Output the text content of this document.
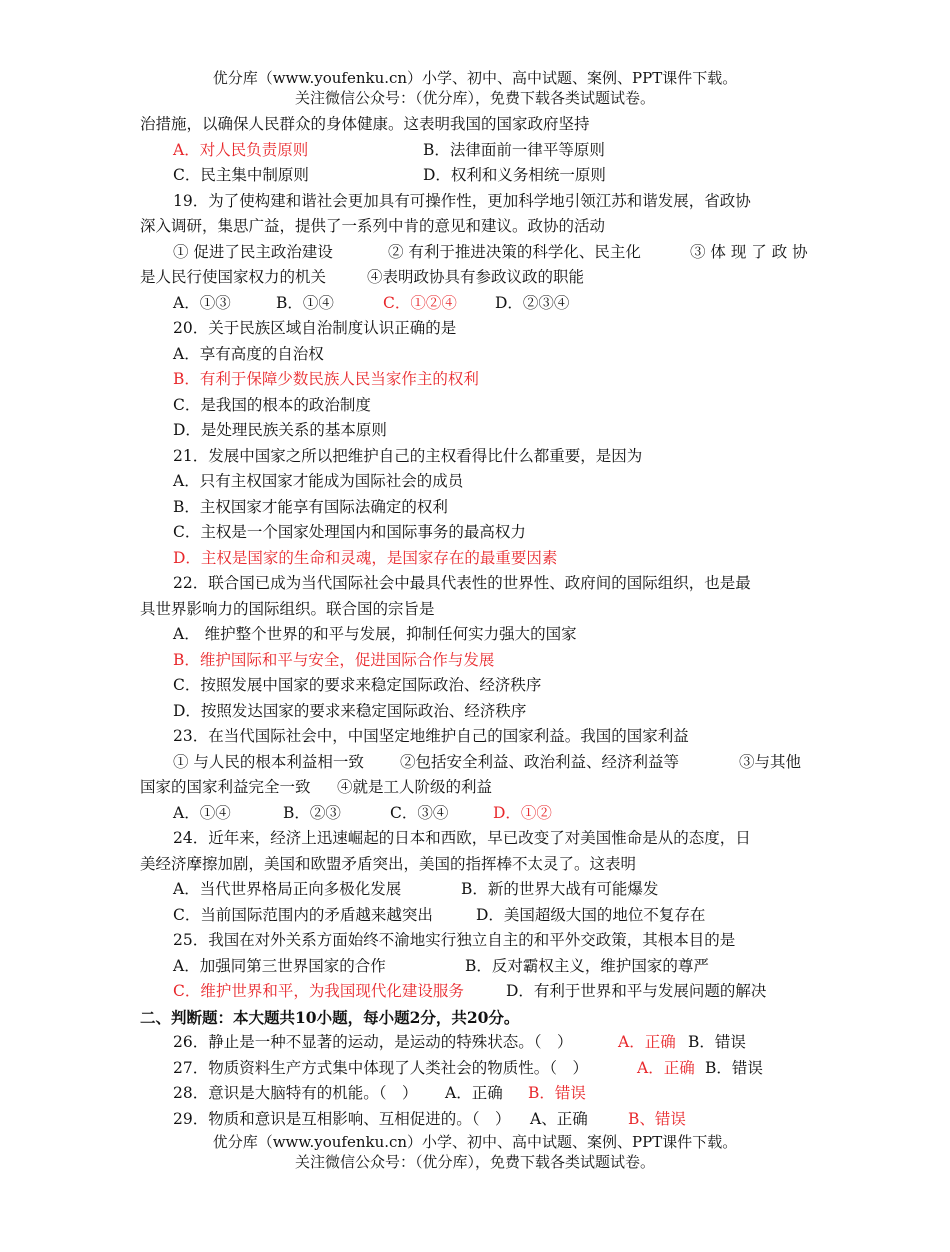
优分库（www.youfenku.cn）小学、初中、高中试题、案例、PPT课件下载。
关注微信公众号：（优分库），免费下载各类试题试卷。
治措施，以确保人民群众的身体健康。这表明我国的国家政府坚持
A．对人民负责原则	B．法律面前一律平等原则
C．民主集中制原则	D．权利和义务相统一原则
19．为了使构建和谐社会更加具有可操作性，更加科学地引领江苏和谐发展，省政协
深入调研，集思广益，提供了一系列中肯的意见和建议。政协的活动
① 促进了民主政治建设	② 有利于推进决策的科学化、民主化	③ 体 现 了 政 协
是人民行使国家权力的机关	④表明政协具有参政议政的职能
A．①③	B．①④	C．①②④ D．②③④
20．关于民族区域自治制度认识正确的是
A．享有高度的自治权
B．有利于保障少数民族人民当家作主的权利
C．是我国的根本的政治制度
D．是处理民族关系的基本原则
21．发展中国家之所以把维护自己的主权看得比什么都重要，是因为
A．只有主权国家才能成为国际社会的成员
B．主权国家才能享有国际法确定的权利
C．主权是一个国家处理国内和国际事务的最高权力
D．主权是国家的生命和灵魂，是国家存在的最重要因素
22．联合国已成为当代国际社会中最具代表性的世界性、政府间的国际组织，也是最
具世界影响力的国际组织。联合国的宗旨是
A． 维护整个世界的和平与发展，抑制任何实力强大的国家
B．维护国际和平与安全，促进国际合作与发展
C．按照发展中国家的要求来稳定国际政治、经济秩序
D．按照发达国家的要求来稳定国际政治、经济秩序
23．在当代国际社会中，中国坚定地维护自己的国家利益。我国的国家利益
① 与人民的根本利益相一致 ②包括安全利益、政治利益、经济利益等	③与其他
国家的国家利益完全一致 ④就是工人阶级的利益
A．①④	B．②③	C．③④	D．①②
24．近年来，经济上迅速崛起的日本和西欧，早已改变了对美国惟命是从的态度，日
美经济摩擦加剧，美国和欧盟矛盾突出，美国的指挥棒不太灵了。这表明
A．当代世界格局正向多极化发展	B．新的世界大战有可能爆发
C．当前国际范围内的矛盾越来越突出	D．美国超级大国的地位不复存在
25．我国在对外关系方面始终不渝地实行独立自主的和平外交政策，其根本目的是
A．加强同第三世界国家的合作	B．反对霸权主义，维护国家的尊严
C．维护世界和平，为我国现代化建设服务	D．有利于世界和平与发展问题的解决
二、判断题：本大题共10小题，每小题2分，共20分。
26．静止是一种不显著的运动，是运动的特殊状态。（　）	A．正确 B．错误
27．物质资料生产方式集中体现了人类社会的物质性。（　）	A．正确 B．错误
28．意识是大脑特有的机能。（　） A．正确 B．错误
29．物质和意识是互相影响、互相促进的。（　） A、正确	B、错误
优分库（www.youfenku.cn）小学、初中、高中试题、案例、PPT课件下载。
关注微信公众号：（优分库），免费下载各类试题试卷。
